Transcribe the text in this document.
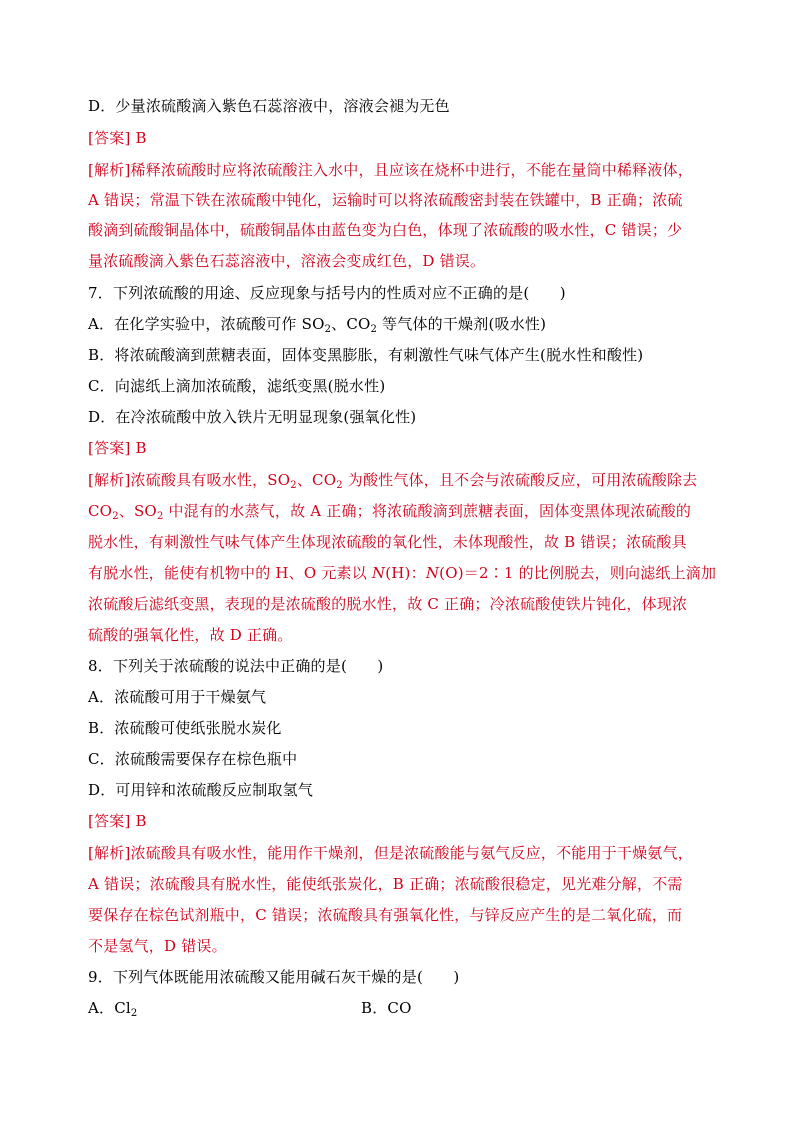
D．少量浓硫酸滴入紫色石蕊溶液中，溶液会褪为无色
[答案] B
[解析]稀释浓硫酸时应将浓硫酸注入水中，且应该在烧杯中进行，不能在量筒中稀释液体，
A 错误；常温下铁在浓硫酸中钝化，运输时可以将浓硫酸密封装在铁罐中，B 正确；浓硫
酸滴到硫酸铜晶体中，硫酸铜晶体由蓝色变为白色，体现了浓硫酸的吸水性，C 错误；少
量浓硫酸滴入紫色石蕊溶液中，溶液会变成红色，D 错误。
7．下列浓硫酸的用途、反应现象与括号内的性质对应不正确的是(　　)
A．在化学实验中，浓硫酸可作 $SO_2$、$CO_2$ 等气体的干燥剂(吸水性)
B．将浓硫酸滴到蔗糖表面，固体变黑膨胀，有刺激性气味气体产生(脱水性和酸性)
C．向滤纸上滴加浓硫酸，滤纸变黑(脱水性)
D．在冷浓硫酸中放入铁片无明显现象(强氧化性)
[答案] B
[解析]浓硫酸具有吸水性，$SO_2$、$CO_2$ 为酸性气体，且不会与浓硫酸反应，可用浓硫酸除去
$CO_2$、$SO_2$ 中混有的水蒸气，故 A 正确；将浓硫酸滴到蔗糖表面，固体变黑体现浓硫酸的
脱水性，有刺激性气味气体产生体现浓硫酸的氧化性，未体现酸性，故 B 错误；浓硫酸具
有脱水性，能使有机物中的 H、O 元素以 N(H)：N(O)＝2∶1 的比例脱去，则向滤纸上滴加
浓硫酸后滤纸变黑，表现的是浓硫酸的脱水性，故 C 正确；冷浓硫酸使铁片钝化，体现浓
硫酸的强氧化性，故 D 正确。
8．下列关于浓硫酸的说法中正确的是(　　)
A．浓硫酸可用于干燥氨气
B．浓硫酸可使纸张脱水炭化
C．浓硫酸需要保存在棕色瓶中
D．可用锌和浓硫酸反应制取氢气
[答案] B
[解析]浓硫酸具有吸水性，能用作干燥剂，但是浓硫酸能与氨气反应，不能用于干燥氨气，
A 错误；浓硫酸具有脱水性，能使纸张炭化，B 正确；浓硫酸很稳定，见光难分解，不需
要保存在棕色试剂瓶中，C 错误；浓硫酸具有强氧化性，与锌反应产生的是二氧化硫，而
不是氢气，D 错误。
9．下列气体既能用浓硫酸又能用碱石灰干燥的是(　　)
A．$Cl_2$	B．CO
